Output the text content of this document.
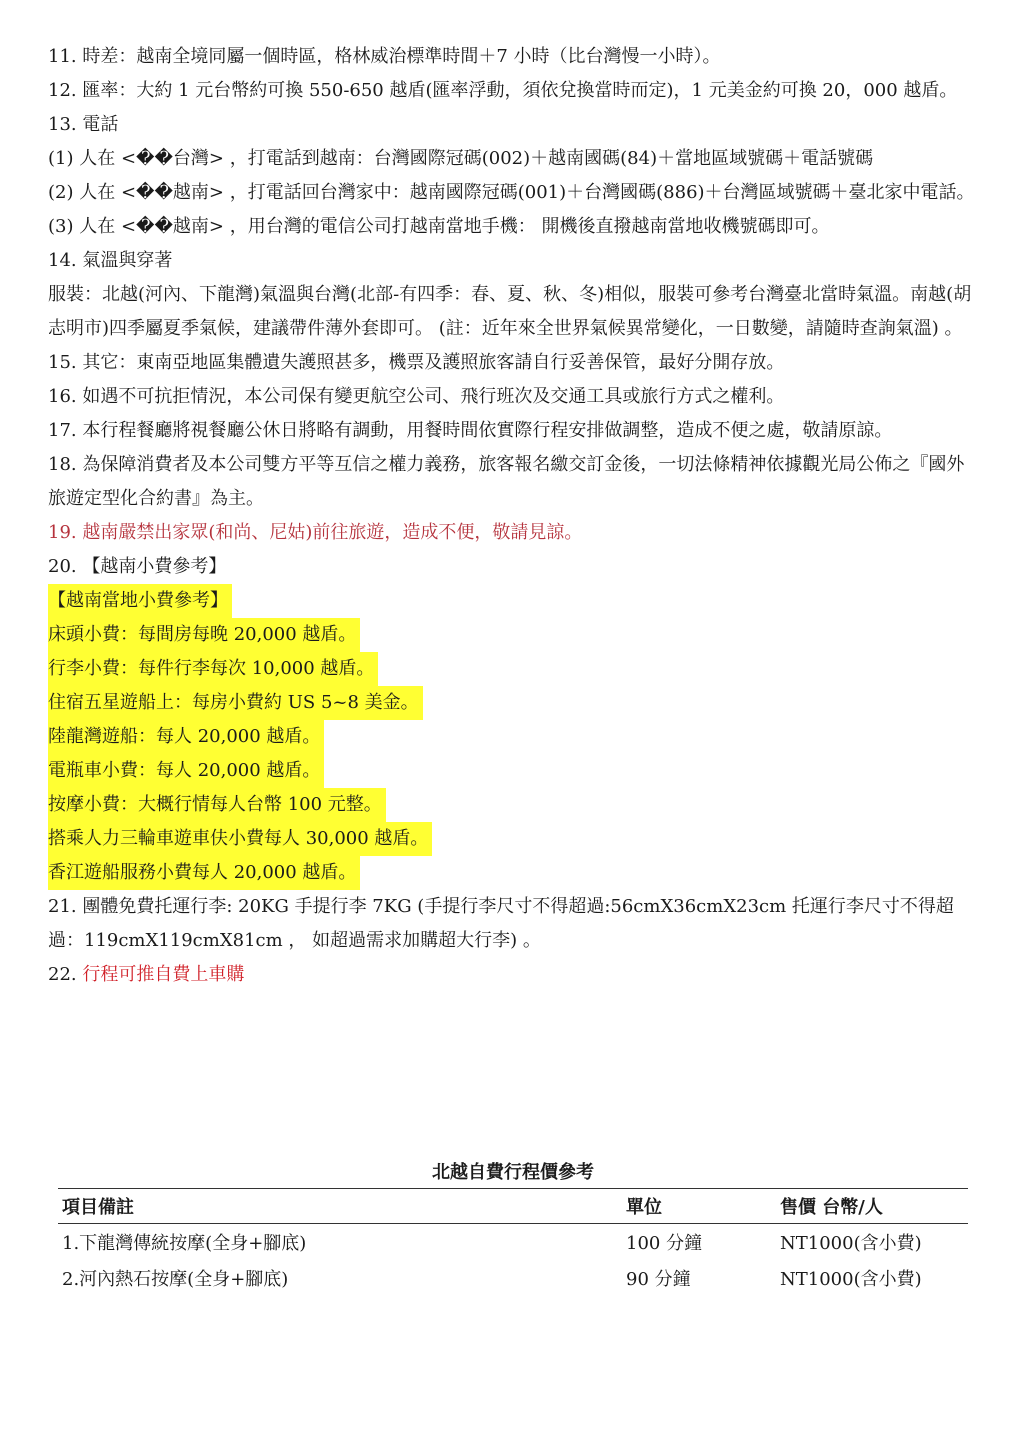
11. 時差：越南全境同屬一個時區，格林威治標準時間＋7 小時（比台灣慢一小時）。
12. 匯率：大約 1 元台幣約可換 550-650 越盾(匯率浮動，須依兌換當時而定)，1 元美金約可換 20，000 越盾。
13. 電話
(1) 人在 <��台灣> ，打電話到越南：台灣國際冠碼(002)＋越南國碼(84)＋當地區域號碼＋電話號碼
(2) 人在 <��越南> ，打電話回台灣家中：越南國際冠碼(001)＋台灣國碼(886)＋台灣區域號碼＋臺北家中電話。
(3) 人在 <��越南> ，用台灣的電信公司打越南當地手機： 開機後直撥越南當地收機號碼即可。
14. 氣溫與穿著
服裝：北越(河內、下龍灣)氣溫與台灣(北部-有四季：春、夏、秋、冬)相似，服裝可參考台灣臺北當時氣溫。南越(胡志明市)四季屬夏季氣候，建議帶件薄外套即可。 (註：近年來全世界氣候異常變化，一日數變，請隨時查詢氣溫) 。
15. 其它：東南亞地區集體遺失護照甚多，機票及護照旅客請自行妥善保管，最好分開存放。
16. 如遇不可抗拒情況，本公司保有變更航空公司、飛行班次及交通工具或旅行方式之權利。
17. 本行程餐廳將視餐廳公休日將略有調動，用餐時間依實際行程安排做調整，造成不便之處，敬請原諒。
18. 為保障消費者及本公司雙方平等互信之權力義務，旅客報名繳交訂金後，一切法條精神依據觀光局公佈之『國外旅遊定型化合約書』為主。
19. 越南嚴禁出家眾(和尚、尼姑)前往旅遊，造成不便，敬請見諒。
20. 【越南小費參考】
【越南當地小費參考】
床頭小費：每間房每晚 20,000 越盾。
行李小費：每件行李每次 10,000 越盾。
住宿五星遊船上：每房小費約 US 5~8 美金。
陸龍灣遊船：每人 20,000 越盾。
電瓶車小費：每人 20,000 越盾。
按摩小費：大概行情每人台幣 100 元整。
搭乘人力三輪車遊車伕小費每人 30,000 越盾。
香江遊船服務小費每人 20,000 越盾。
21. 團體免費托運行李: 20KG 手提行李 7KG (手提行李尺寸不得超過:56cmX36cmX23cm 托運行李尺寸不得超過：119cmX119cmX81cm ， 如超過需求加購超大行李) 。
22. 行程可推自費上車購
北越自費行程價參考
項目備註	單位	售價 台幣/人
1.下龍灣傳統按摩(全身+腳底)	100 分鐘	NT1000(含小費)
2.河內熱石按摩(全身+腳底)	90 分鐘	NT1000(含小費)
